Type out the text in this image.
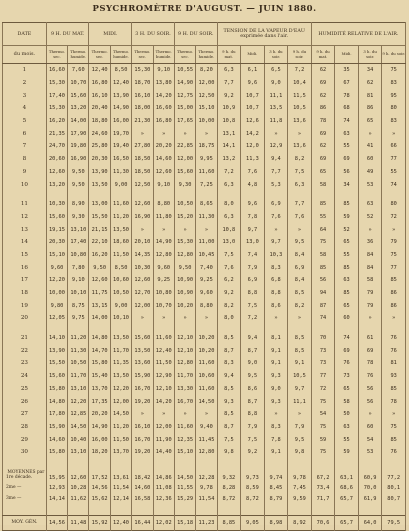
PSYCHROMÈTRE D'AUGUST. — JUIN 1880.
DATE	9 H. DU MAT.		MIDI.		3 H. DU SOIR.		9 H. DU SOIR.		TENSION DE LA VAPEUR D'EAU exprimée dans l'air.				HUMIDITÉ RELATIVE DE L'AIR.			
du mois.	Thermo. sec.	Thermo. humide.	Thermo. sec.	Thermo. humide.	Thermo. sec.	Thermo. humide.	Thermo. sec.	Thermo. humide.	9 h. du mat.	Midi.	3 h. du soir.	9 h. du soir.	9 h. du mat.	Midi.	3 h. du soir.	9 h. du soir.
1	16,60	7,60	12,40	8,50	15,30	9,10	10,55	8,20	6,3	6,1	6,5	7,2	62	35	34	75
2	15,30	10,70	16,80	12,40	18,70	13,80	14,90	12,00	7,7	9,6	9,0	10,4	69	67	62	83
3	17,40	15,60	16,10	13,90	16,10	14,20	12,75	12,50	9,2	10,7	11,1	11,5	62	78	81	95
4	15,30	13,20	20,40	14,90	18,00	16,60	15,00	15,10	10,9	10,7	13,5	10,5	86	68	86	80
5	16,20	14,00	18,80	16,00	21,30	16,80	17,65	10,00	10,8	12,6	11,8	13,6	78	74	65	83
6	21,35	17,90	24,60	19,70	»	»	»	»	13,1	14,2	»	»	69	63	»	»
7	24,70	19,80	25,80	19,40	27,80	20,20	22,85	18,75	14,1	12,0	12,9	13,6	62	55	41	66
8	20,60	16,90	20,30	16,50	18,50	14,60	12,00	9,95	13,2	11,3	9,4	8,2	69	69	60	77
9	12,60	9,50	13,90	11,30	18,50	12,60	15,60	11,60	7,2	7,6	7,7	7,5	65	56	49	55
10	13,20	9,50	13,50	9,00	12,50	9,10	9,30	7,25	6,3	4,8	5,3	6,3	58	34	53	74

11	10,30	8,90	13,00	11,60	12,60	8,80	10,50	8,65	8,0	9,6	6,9	7,7	85	85	63	80
12	15,60	9,30	15,50	11,20	16,90	11,80	15,20	11,30	6,3	7,8	7,6	7,6	55	59	52	72
13	19,15	13,10	21,15	13,50	»	»	»	»	10,8	9,7	»	»	64	52	»	»
14	20,30	17,40	22,10	18,60	20,10	14,90	15,30	11,00	13,0	13,0	9,7	9,5	75	65	36	79
15	15,10	10,80	16,20	11,50	14,35	12,80	12,80	10,45	7,5	7,4	10,3	8,4	58	55	84	75
16	9,60	7,80	9,50	8,50	10,30	9,60	9,50	7,40	7,6	7,9	8,3	6,9	85	85	84	77
17	12,20	9,10	12,60	10,60	12,60	9,25	10,90	9,25	6,2	6,9	6,8	8,4	56	63	58	85
18	10,00	10,10	11,75	10,50	12,70	10,80	10,90	9,60	9,2	8,8	8,8	8,5	94	85	79	86
19	9,80	8,75	13,15	9,00	12,00	10,70	10,20	8,80	8,2	7,5	8,6	8,2	87	65	79	86
20	12,05	9,75	14,00	10,10	»	»	»	»	8,0	7,2	»	»	74	60	»	»

21	14,10	11,20	14,80	13,50	15,60	11,60	12,10	10,20	8,5	9,4	8,1	8,5	70	74	61	76
22	13,90	11,30	14,70	11,70	13,50	12,40	12,10	10,20	8,7	8,7	9,1	8,5	73	69	69	76
23	15,50	10,50	15,80	11,35	13,60	11,50	12,80	11,60	8,3	9,0	9,1	9,1	73	76	78	81
24	15,60	11,70	15,40	13,50	15,90	12,90	11,70	10,60	9,4	9,5	9,3	10,5	77	73	76	93
25	15,80	13,10	13,70	12,20	16,70	12,10	13,30	11,60	8,5	8,6	9,0	9,7	72	65	56	85
26	14,80	12,20	17,35	12,00	19,20	14,20	16,70	14,50	9,3	8,7	9,3	11,1	75	58	56	78
27	17,80	12,85	20,20	14,50	»	»	»	»	8,5	8,8	»	»	54	50	»	»
28	15,90	14,50	14,90	11,20	16,10	12,00	11,60	9,40	8,7	7,9	8,3	7,9	75	63	60	75
29	14,60	10,40	16,00	11,50	16,70	11,90	12,35	11,45	7,5	7,5	7,8	9,5	59	55	54	85
30	15,80	13,10	18,20	13,70	19,20	14,40	15,10	12,80	9,8	9,2	9,1	9,8	75	59	53	76

MOYENNES par
1re décade.	15,95	12,60	17,52	13,61	18,42	14,86	14,50	12,28	9,32	9,73	9,74	9,78	67,2	63,1	60,9	77,2
2me —	12,93	10,28	14,56	11,54	14,60	11,08	11,55	9,78	8,28	8,59	8,45	7,45	73,4	68,6	70,0	80,1
3me —	14,14	11,62	15,62	12,14	16,58	12,36	15,29	11,54	8,72	8,72	8,79	9,59	71,7	65,7	61,9	80,7

MOY. GÉN.	14,56	11,48	15,92	12,40	16,44	12,02	15,18	11,23	8,85	9,05	8,98	8,92	70,6	65,7	64,0	79,5
